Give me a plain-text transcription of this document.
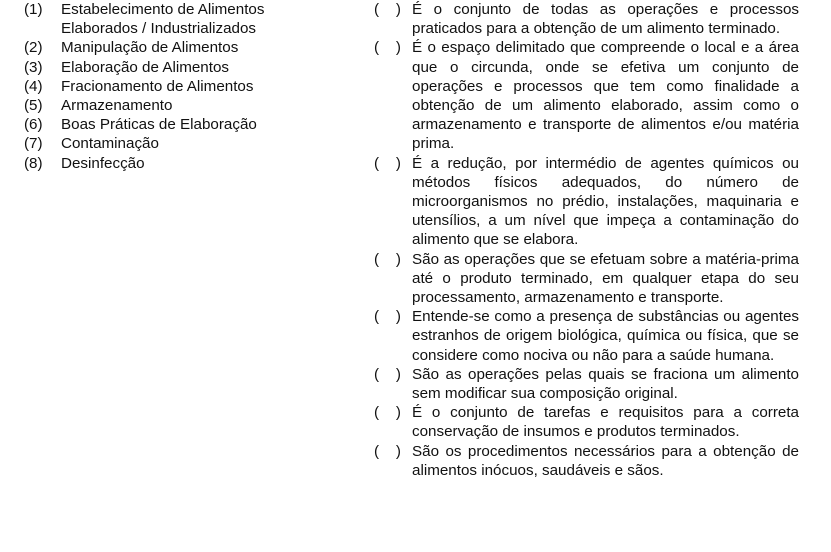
(1)	Estabelecimento de Alimentos Elaborados / Industrializados
(2)	Manipulação de Alimentos
(3)	Elaboração de Alimentos
(4)	Fracionamento de Alimentos
(5)	Armazenamento
(6)	Boas Práticas de Elaboração
(7)	Contaminação
(8)	Desinfecção
(    ) É o conjunto de todas as operações e processos praticados para a obtenção de um alimento terminado.
(    ) É o espaço delimitado que compreende o local e a área que o circunda, onde se efetiva um conjunto de operações e processos que tem como finalidade a obtenção de um alimento elaborado, assim como o armazenamento e transporte de alimentos e/ou matéria prima.
(    ) É a redução, por intermédio de agentes químicos ou métodos físicos adequados, do número de microorganismos no prédio, instalações, maquinaria e utensílios, a um nível que impeça a contaminação do alimento que se elabora.
(    ) São as operações que se efetuam sobre a matéria-prima até o produto terminado, em qualquer etapa do seu processamento, armazenamento e transporte.
(    ) Entende-se como a presença de substâncias ou agentes estranhos de origem biológica, química ou física, que se considere como nociva ou não para a saúde humana.
(    ) São as operações pelas quais se fraciona um alimento sem modificar sua composição original.
(    ) É o conjunto de tarefas e requisitos para a correta conservação de insumos e produtos terminados.
(    ) São os procedimentos necessários para a obtenção de alimentos inócuos, saudáveis e sãos.
